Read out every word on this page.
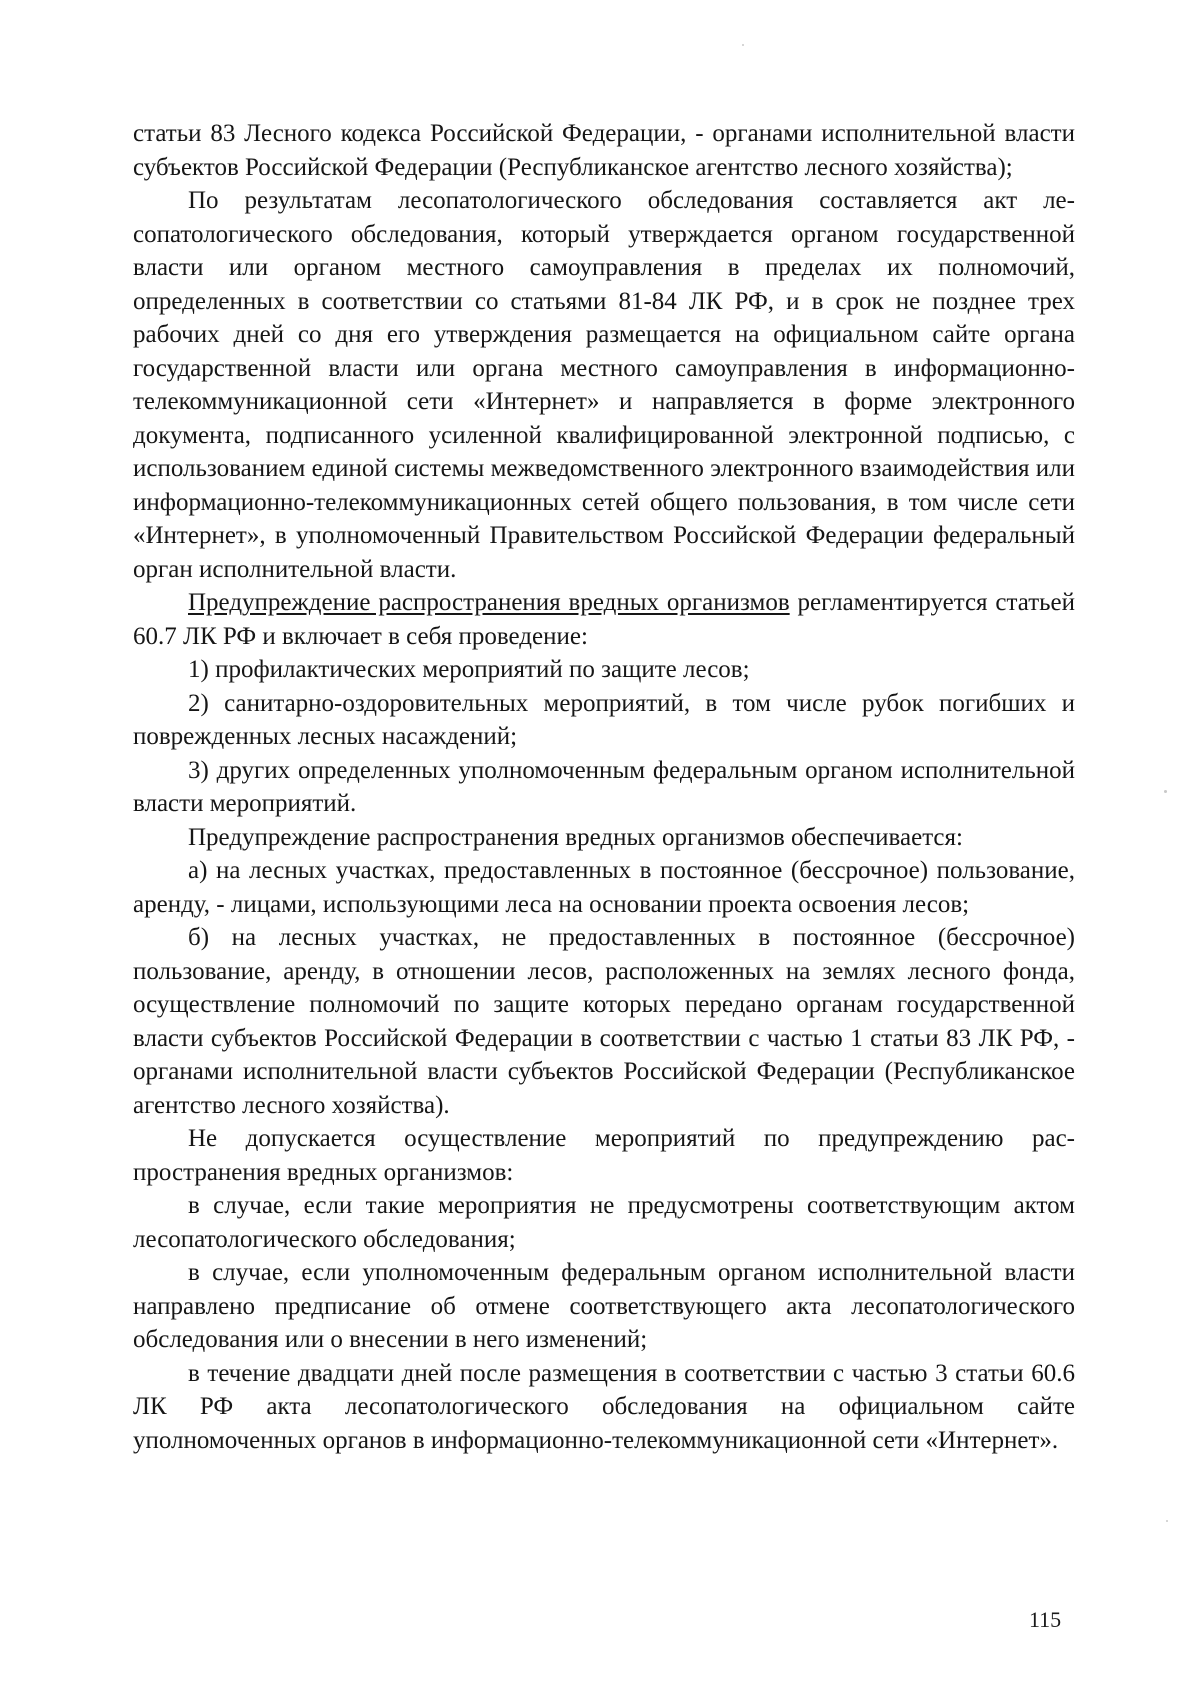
статьи 83 Лесного кодекса Российской Федерации, - органами исполнительной власти субъектов Российской Федерации (Республиканское агентство лесного хозяйства);

По результатам лесопатологического обследования составляется акт лесопатологического обследования, который утверждается органом государственной власти или органом местного самоуправления в пределах их полномочий, определенных в соответствии со статьями 81-84 ЛК РФ, и в срок не позднее трех рабочих дней со дня его утверждения размещается на официальном сайте органа государственной власти или органа местного самоуправления в информационно-телекоммуникационной сети «Интернет» и направляется в форме электронного документа, подписанного усиленной квалифицированной электронной подписью, с использованием единой системы межведомственного электронного взаимодействия или информационно-телекоммуникационных сетей общего пользования, в том числе сети «Интернет», в уполномоченный Правительством Российской Федерации федеральный орган исполнительной власти.

Предупреждение распространения вредных организмов регламентируется статьей 60.7 ЛК РФ и включает в себя проведение:

1) профилактических мероприятий по защите лесов;

2) санитарно-оздоровительных мероприятий, в том числе рубок погибших и поврежденных лесных насаждений;

3) других определенных уполномоченным федеральным органом исполнительной власти мероприятий.

Предупреждение распространения вредных организмов обеспечивается:

а) на лесных участках, предоставленных в постоянное (бессрочное) пользование, аренду, - лицами, использующими леса на основании проекта освоения лесов;

б) на лесных участках, не предоставленных в постоянное (бессрочное) пользование, аренду, в отношении лесов, расположенных на землях лесного фонда, осуществление полномочий по защите которых передано органам государственной власти субъектов Российской Федерации в соответствии с частью 1 статьи 83 ЛК РФ, - органами исполнительной власти субъектов Российской Федерации (Республиканское агентство лесного хозяйства).

Не допускается осуществление мероприятий по предупреждению распространения вредных организмов:

в случае, если такие мероприятия не предусмотрены соответствующим актом лесопатологического обследования;

в случае, если уполномоченным федеральным органом исполнительной власти направлено предписание об отмене соответствующего акта лесопатологического обследования или о внесении в него изменений;

в течение двадцати дней после размещения в соответствии с частью 3 статьи 60.6 ЛК РФ акта лесопатологического обследования на официальном сайте уполномоченных органов в информационно-телекоммуникационной сети «Интернет».

115
